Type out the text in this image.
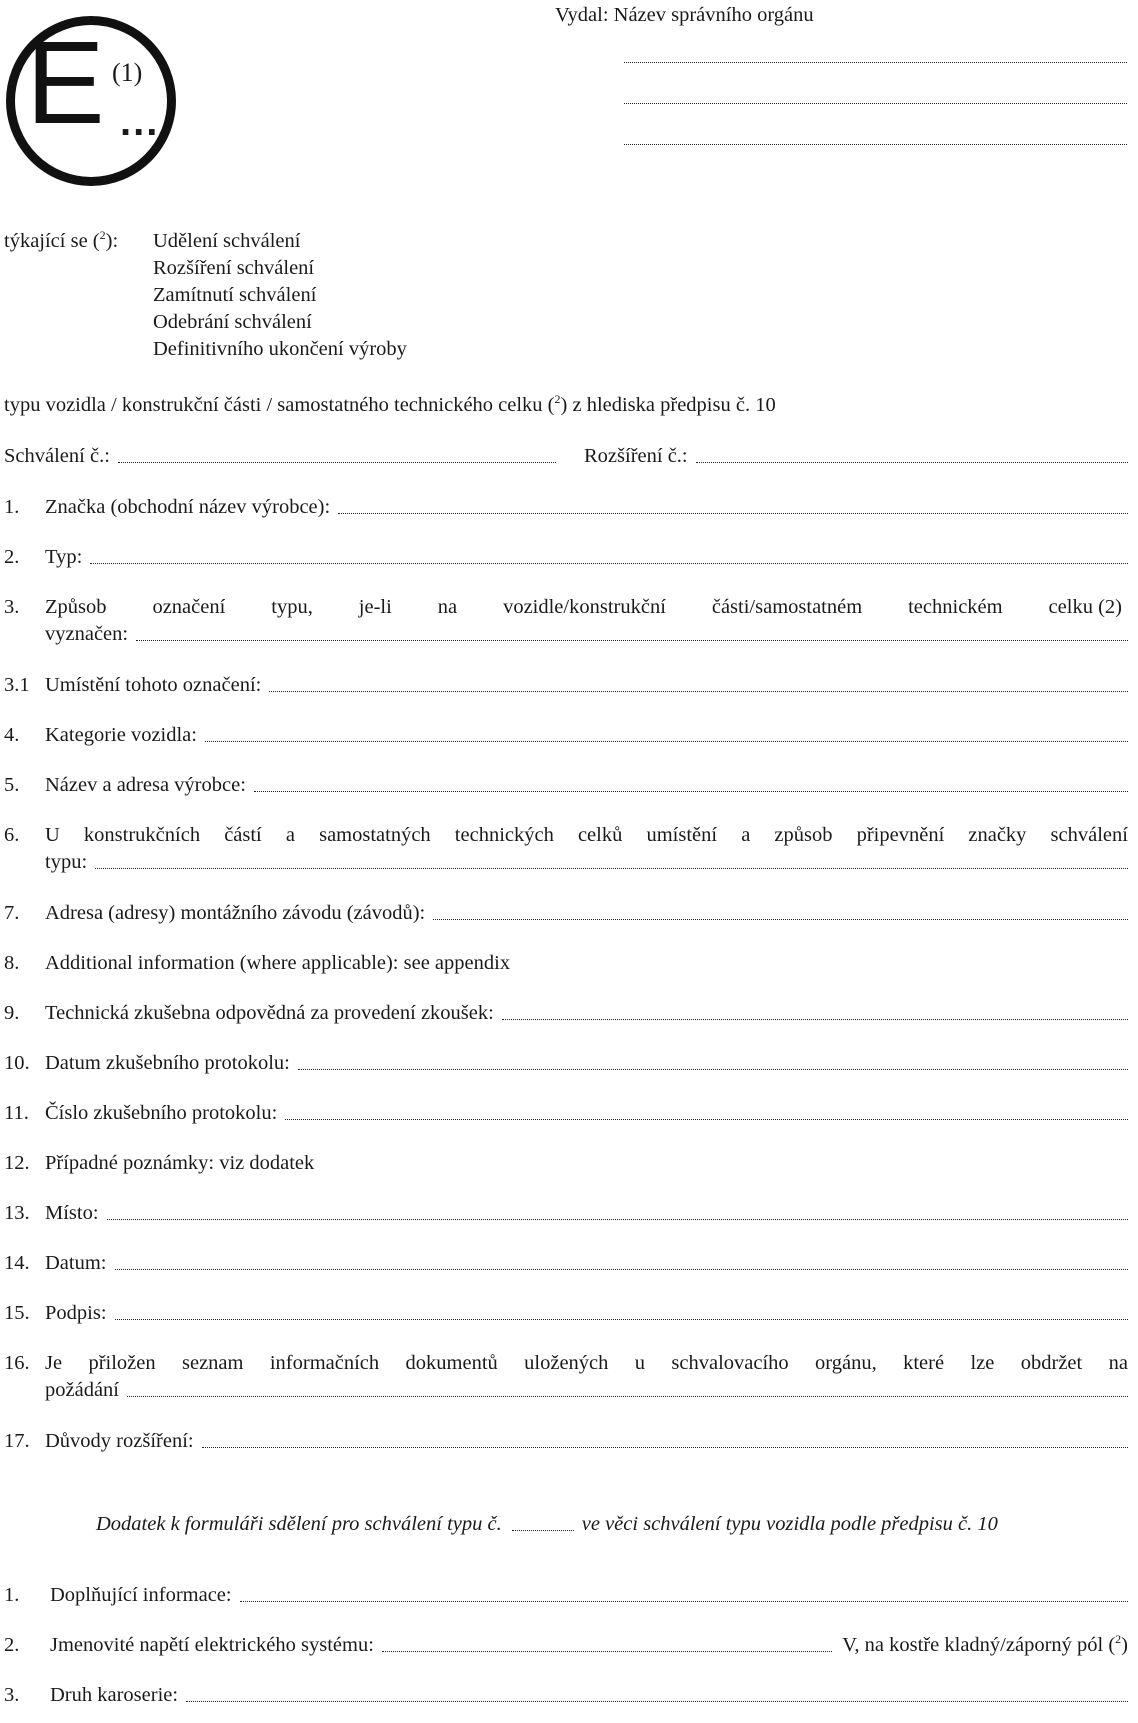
Vydal: Název správního orgánu
E (1)
...
týkající se ($^2$): Udělení schválení
Rozšíření schválení
Zamítnutí schválení
Odebrání schválení
Definitivního ukončení výroby
typu vozidla / konstrukční části / samostatného technického celku ($^2$) z hlediska předpisu č. 10
Schválení č.:	Rozšíření č.:
1.	Značka (obchodní název výrobce):
2.	Typ:
3. Způsob označení typu, je-li na vozidle/konstrukční části/samostatném technickém celku (2)
vyznačen:
3.1 Umístění tohoto označení:
4.	Kategorie vozidla:
5.	Název a adresa výrobce:
6. U konstrukčních částí a samostatných technických celků umístění a způsob připevnění značky schválení
typu:
7.	Adresa (adresy) montážního závodu (závodů):
8. Additional information (where applicable): see appendix
9.	Technická zkušebna odpovědná za provedení zkoušek:
10. Datum zkušebního protokolu:
11. Číslo zkušebního protokolu:
12. Případné poznámky: viz dodatek
13. Místo:
14. Datum:
15. Podpis:
16. Je přiložen seznam informačních dokumentů uložených u schvalovacího orgánu, které lze obdržet na
požádání
17. Důvody rozšíření:
Dodatek k formuláři sdělení pro schválení typu č.	ve věci schválení typu vozidla podle předpisu č. 10
1.	Doplňující informace:
2.	Jmenovité napětí elektrického systému:	V, na kostře kladný/záporný pól ($^2$)
3.	Druh karoserie:
